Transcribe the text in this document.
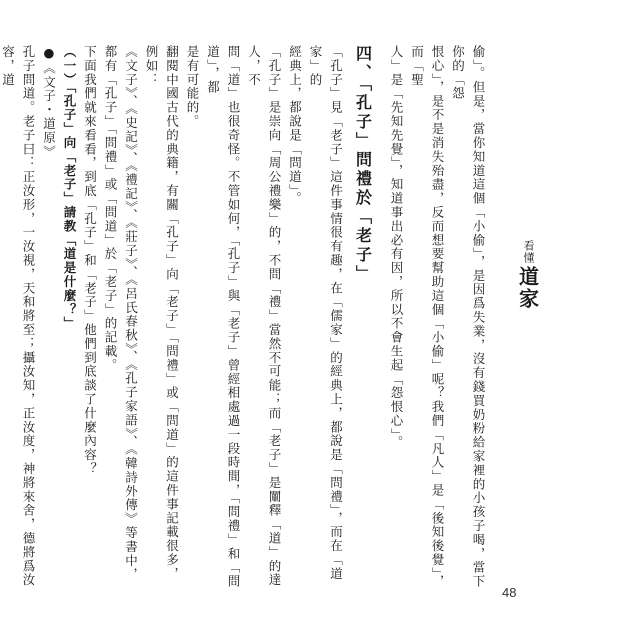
看懂
道家

偷」。但是，當你知道這個「小偷」，是因爲失業，沒有錢買奶粉給家裡的小孩子喝，當下你的「怨

恨心」，是不是消失殆盡，反而想要幫助這個「小偷」呢？我們「凡人」是「後知後覺」，而「聖

人」是「先知先覺」，知道事出必有因，所以不會生起「怨恨心」。

四、「孔子」問禮於「老子」

「孔子」見「老子」這件事情很有趣，在「儒家」的經典上，都說是「問禮」，而在「道家」的

經典上，都說是「問道」。

「孔子」是崇向「周公禮樂」的，不問「禮」當然不可能；而「老子」是闡釋「道」的達人，不

問「道」也很奇怪。不管如何，「孔子」與「老子」曾經相處過一段時間，「問禮」和「問道」，都

是有可能的。

翻閱中國古代的典籍，有關「孔子」向「老子」「問禮」或「問道」的這件事記載很多，例如：

《文子》、《史記》、《禮記》、《莊子》、《呂氏春秋》、《孔子家語》、《韓詩外傳》等書中，

都有「孔子」「問禮」或「問道」於「老子」的記載。

下面我們就來看看，到底「孔子」和「老子」他們到底談了什麼內容？

（一）「孔子」向「老子」請教「道是什麼？」

●《文子・道原》

孔子問道。老子曰：正汝形，一汝視，天和將至；攝汝知，正汝度，神將來舍，德將爲汝容，道

48
